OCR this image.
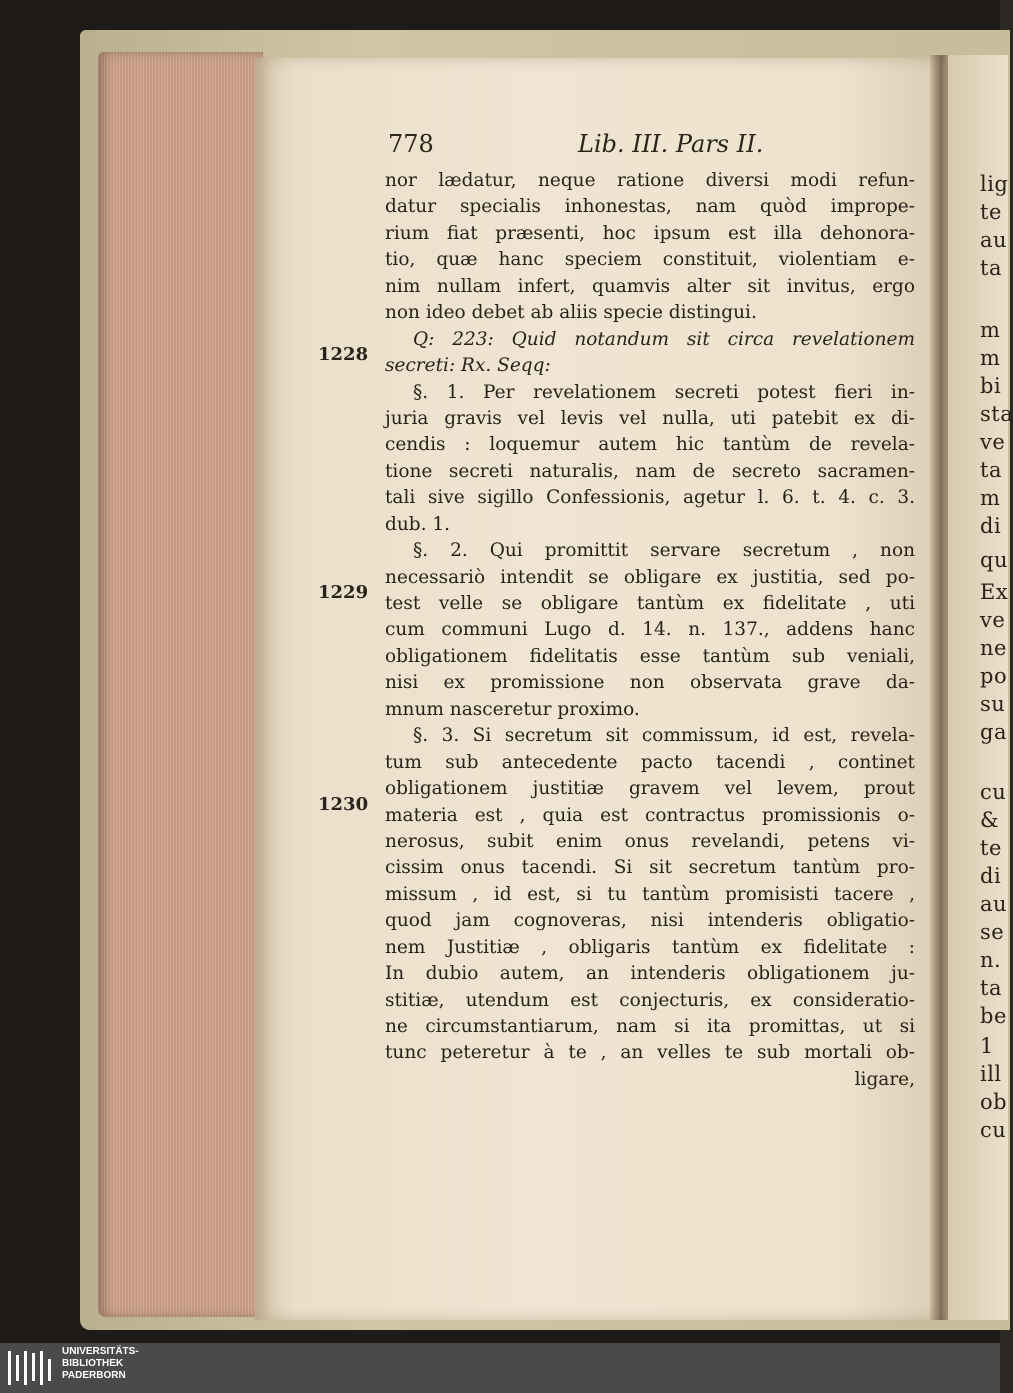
lig
te
au
ta
m
m
bi
sta
ve
ta
m
di
qu
Ex
ve
ne
po
su
ga
cu
&
te
di
au
se
n.
ta
be
1
ill
ob
cu
778	Lib. III. Pars II.
1228
1229
1230
nor lædatur, neque ratione diversi modi refun-
datur specialis inhonestas, nam quòd imprope-
rium fiat præsenti, hoc ipsum est illa dehonora-
tio, quæ hanc speciem constituit, violentiam e-
nim nullam infert, quamvis alter sit invitus, ergo
non ideo debet ab aliis specie distingui.
Q: 223: Quid notandum sit circa revelationem
secreti: Rx. Seqq:
§. 1. Per revelationem secreti potest fieri in-
juria gravis vel levis vel nulla, uti patebit ex di-
cendis : loquemur autem hic tantùm de revela-
tione secreti naturalis, nam de secreto sacramen-
tali sive sigillo Confessionis, agetur l. 6. t. 4. c. 3.
dub. 1.
§. 2. Qui promittit servare secretum , non
necessariò intendit se obligare ex justitia, sed po-
test velle se obligare tantùm ex fidelitate , uti
cum communi Lugo d. 14. n. 137., addens hanc
obligationem fidelitatis esse tantùm sub veniali,
nisi ex promissione non observata grave da-
mnum nasceretur proximo.
§. 3. Si secretum sit commissum, id est, revela-
tum sub antecedente pacto tacendi , continet
obligationem justitiæ gravem vel levem, prout
materia est , quia est contractus promissionis o-
nerosus, subit enim onus revelandi, petens vi-
cissim onus tacendi. Si sit secretum tantùm pro-
missum , id est, si tu tantùm promisisti tacere ,
quod jam cognoveras, nisi intenderis obligatio-
nem Justitiæ , obligaris tantùm ex fidelitate :
In dubio autem, an intenderis obligationem ju-
stitiæ, utendum est conjecturis, ex consideratio-
ne circumstantiarum, nam si ita promittas, ut si
tunc peteretur à te , an velles te sub mortali ob-
ligare,
UNIVERSITÄTS-
BIBLIOTHEK
PADERBORN
